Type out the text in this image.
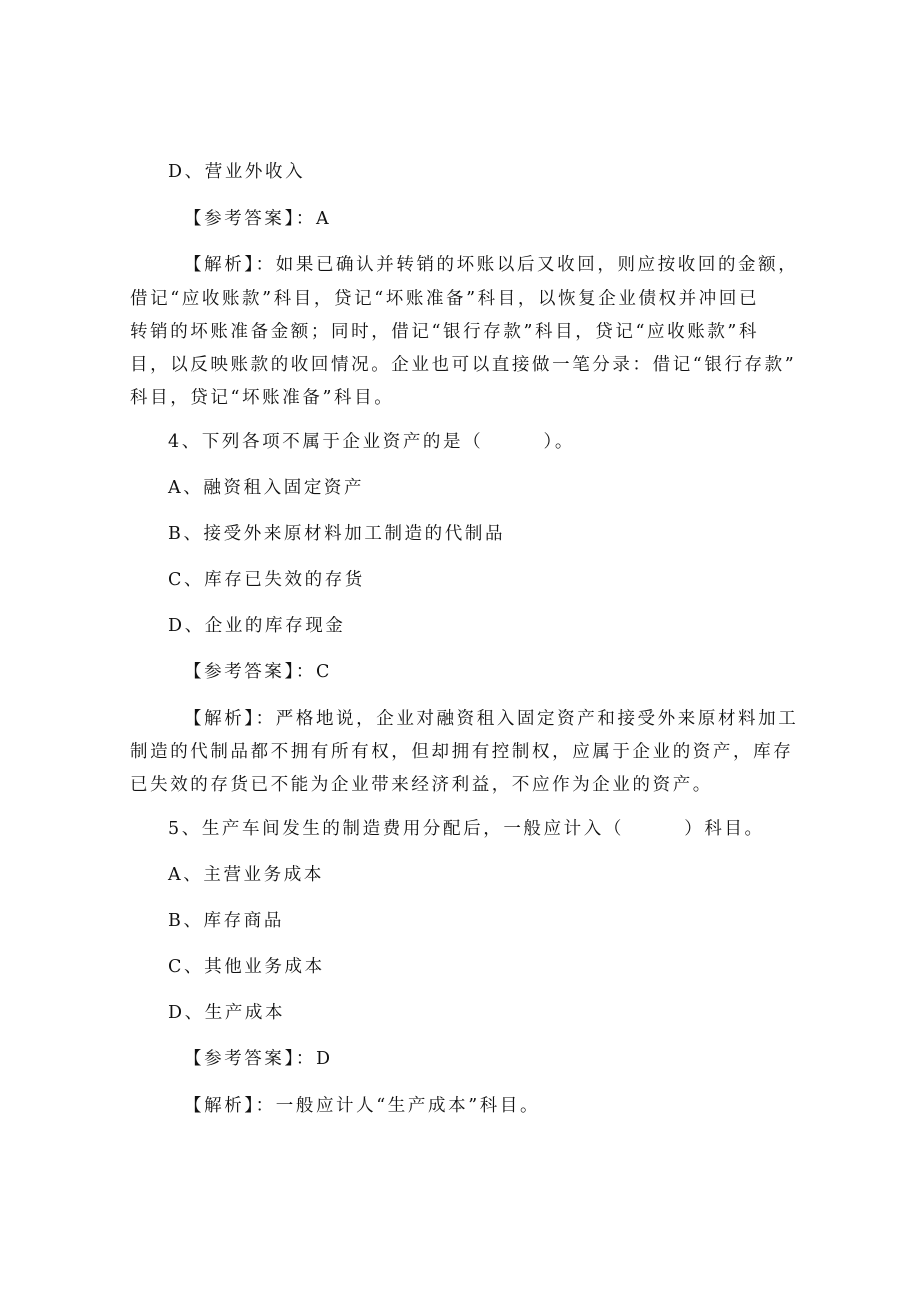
D、营业外收入
【参考答案】：A
【解析】：如果已确认并转销的坏账以后又收回，则应按收回的金额，
借记“应收账款”科目，贷记“坏账准备”科目，以恢复企业债权并冲回已
转销的坏账准备金额；同时，借记“银行存款”科目，贷记“应收账款”科
目，以反映账款的收回情况。企业也可以直接做一笔分录：借记“银行存款”
科目，贷记“坏账准备”科目。
4、下列各项不属于企业资产的是（　　　）。
A、融资租入固定资产
B、接受外来原材料加工制造的代制品
C、库存已失效的存货
D、企业的库存现金
【参考答案】：C
【解析】：严格地说，企业对融资租入固定资产和接受外来原材料加工
制造的代制品都不拥有所有权，但却拥有控制权，应属于企业的资产，库存
已失效的存货已不能为企业带来经济利益，不应作为企业的资产。
5、生产车间发生的制造费用分配后，一般应计入（　　　）科目。
A、主营业务成本
B、库存商品
C、其他业务成本
D、生产成本
【参考答案】：D
【解析】：一般应计人“生产成本”科目。
